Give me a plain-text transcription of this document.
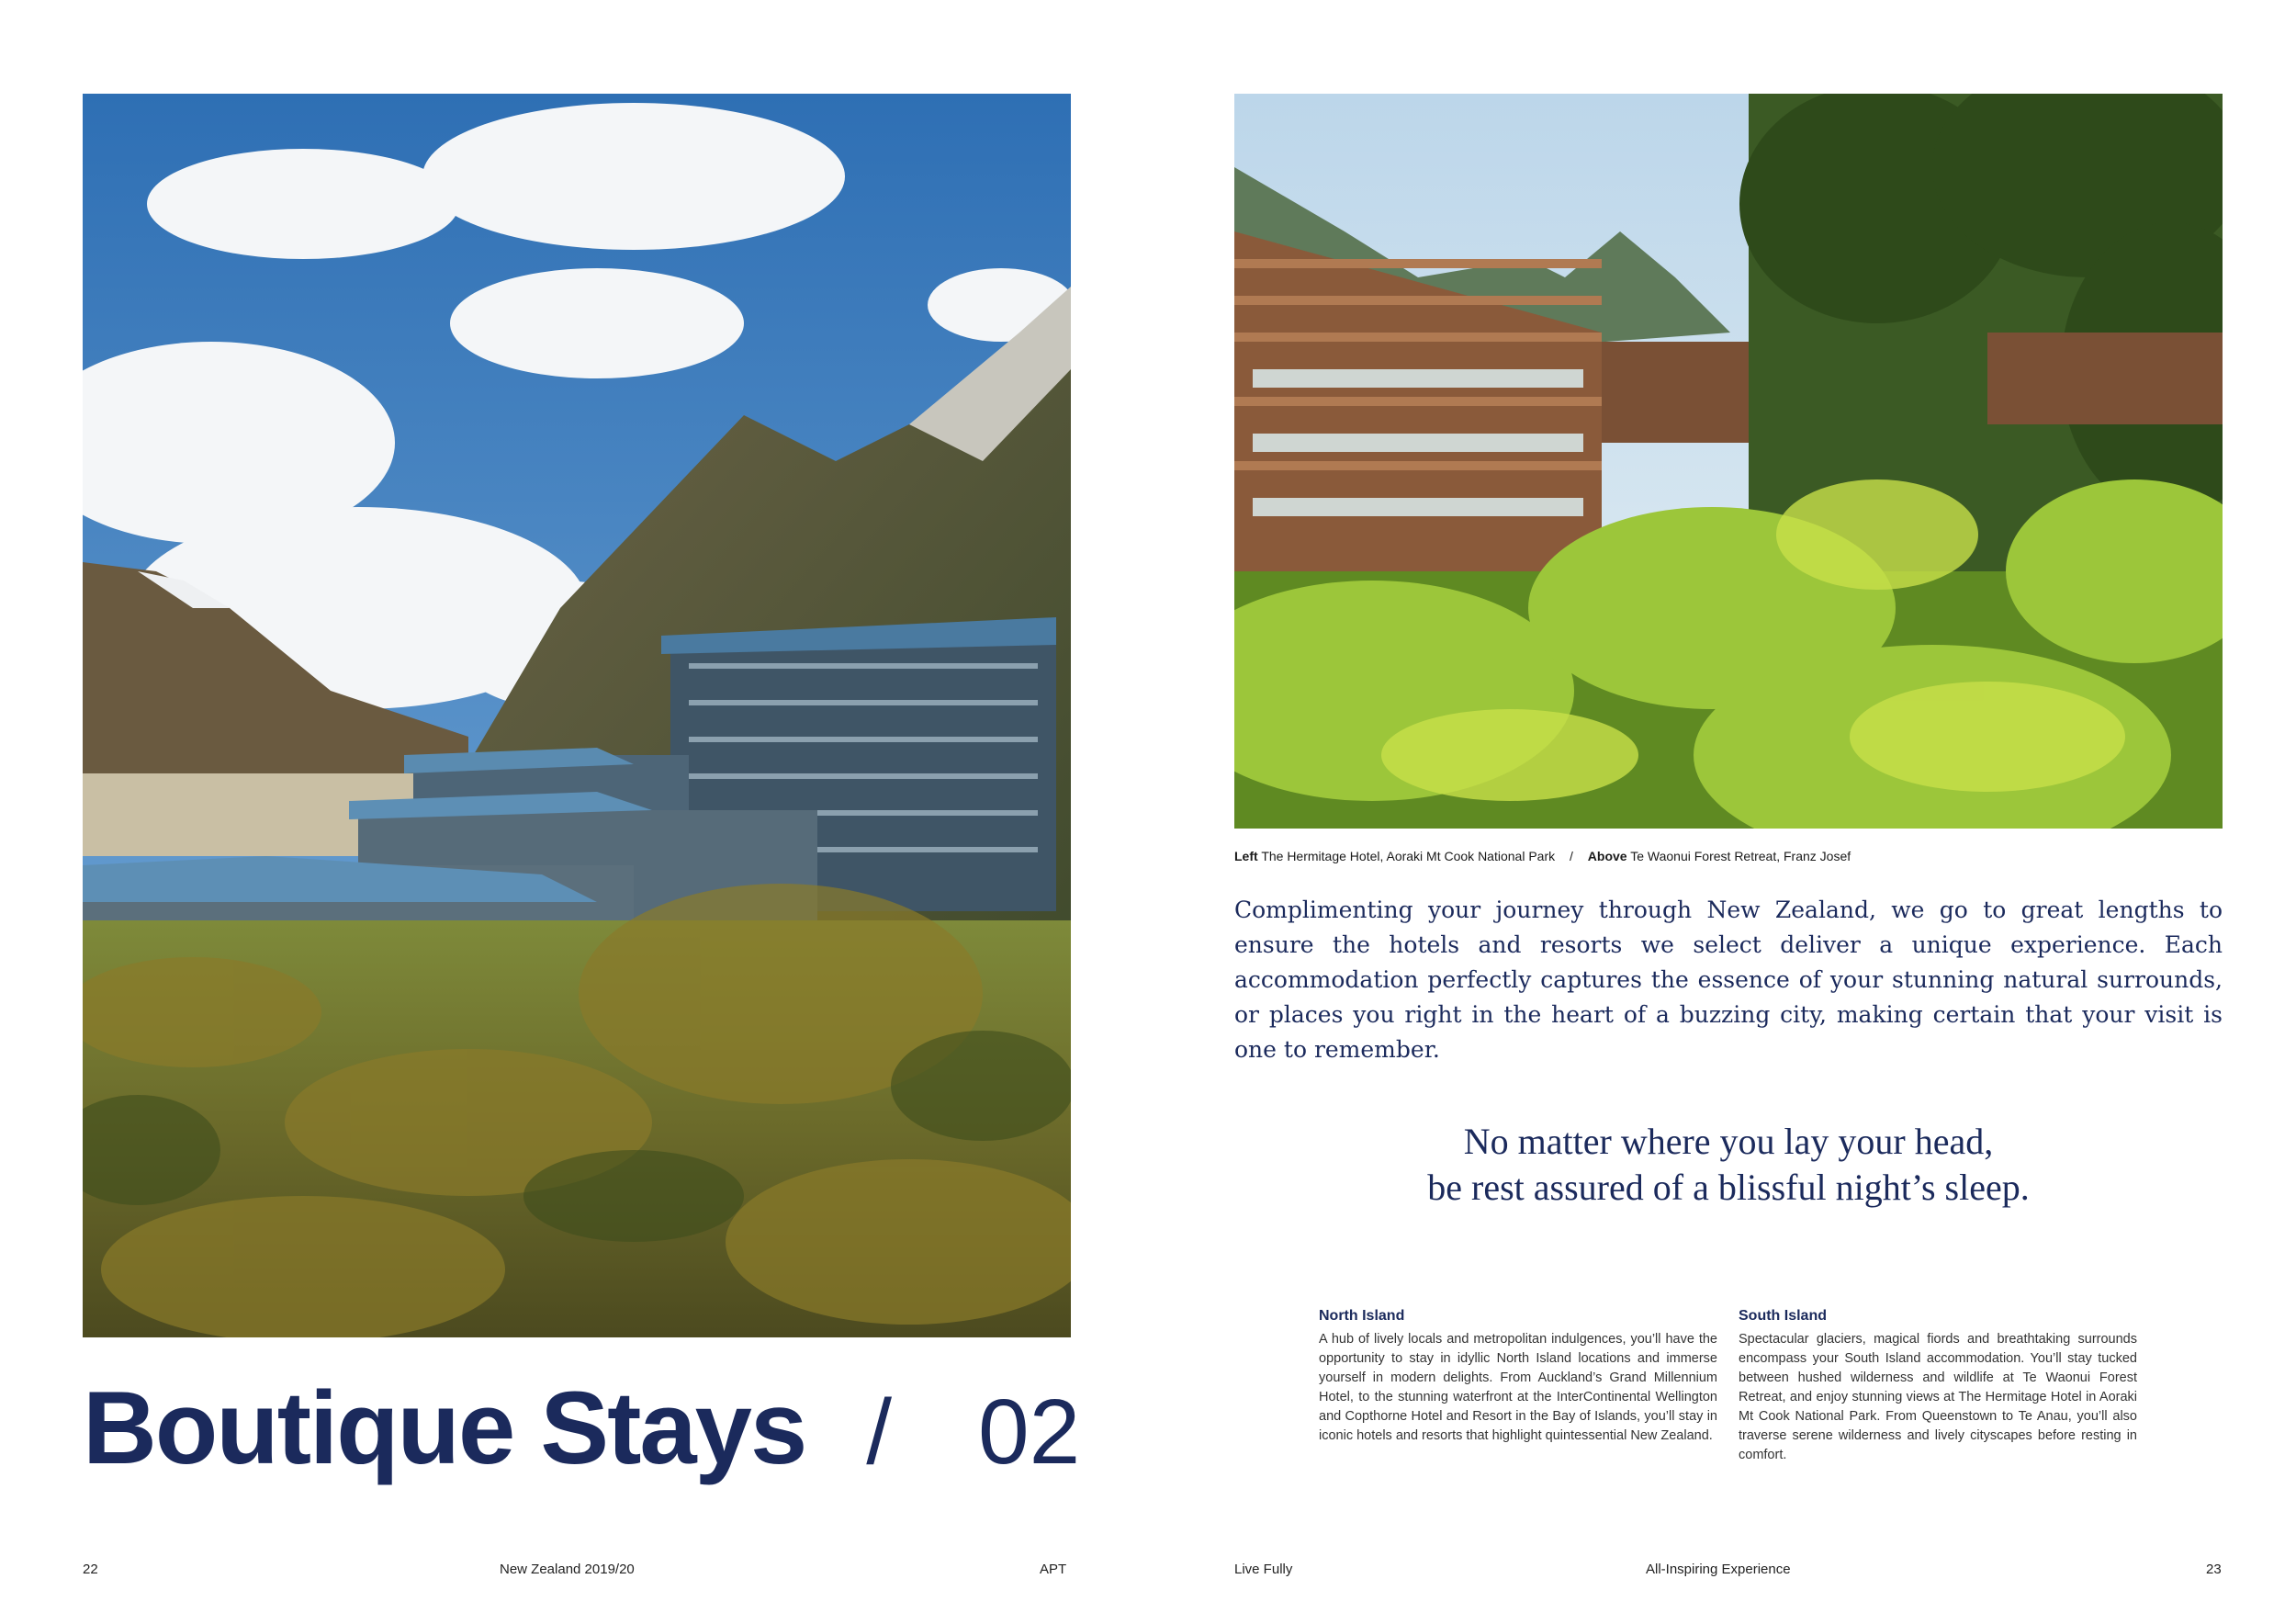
Left The Hermitage Hotel, Aoraki Mt Cook National Park / Above Te Waonui Forest Retreat, Franz Josef

Complimenting your journey through New Zealand, we go to great lengths to ensure the hotels and resorts we select deliver a unique experience. Each accommodation perfectly captures the essence of your stunning natural surrounds, or places you right in the heart of a buzzing city, making certain that your visit is one to remember.

No matter where you lay your head,
be rest assured of a blissful night’s sleep.
North Island

A hub of lively locals and metropolitan indulgences, you’ll have the opportunity to stay in idyllic North Island locations and immerse yourself in modern delights. From Auckland’s Grand Millennium Hotel, to the stunning waterfront at the InterContinental Wellington and Copthorne Hotel and Resort in the Bay of Islands, you’ll stay in iconic hotels and resorts that highlight quintessential New Zealand.

South Island

Spectacular glaciers, magical fiords and breathtaking surrounds encompass your South Island accommodation. You’ll stay tucked between hushed wilderness and wildlife at Te Waonui Forest Retreat, and enjoy stunning views at The Hermitage Hotel in Aoraki Mt Cook National Park. From Queenstown to Te Anau, you’ll also traverse serene wilderness and lively cityscapes before resting in comfort.

Boutique Stays / 02
22	New Zealand 2019/20	APT	Live Fully	All-Inspiring Experience	23
